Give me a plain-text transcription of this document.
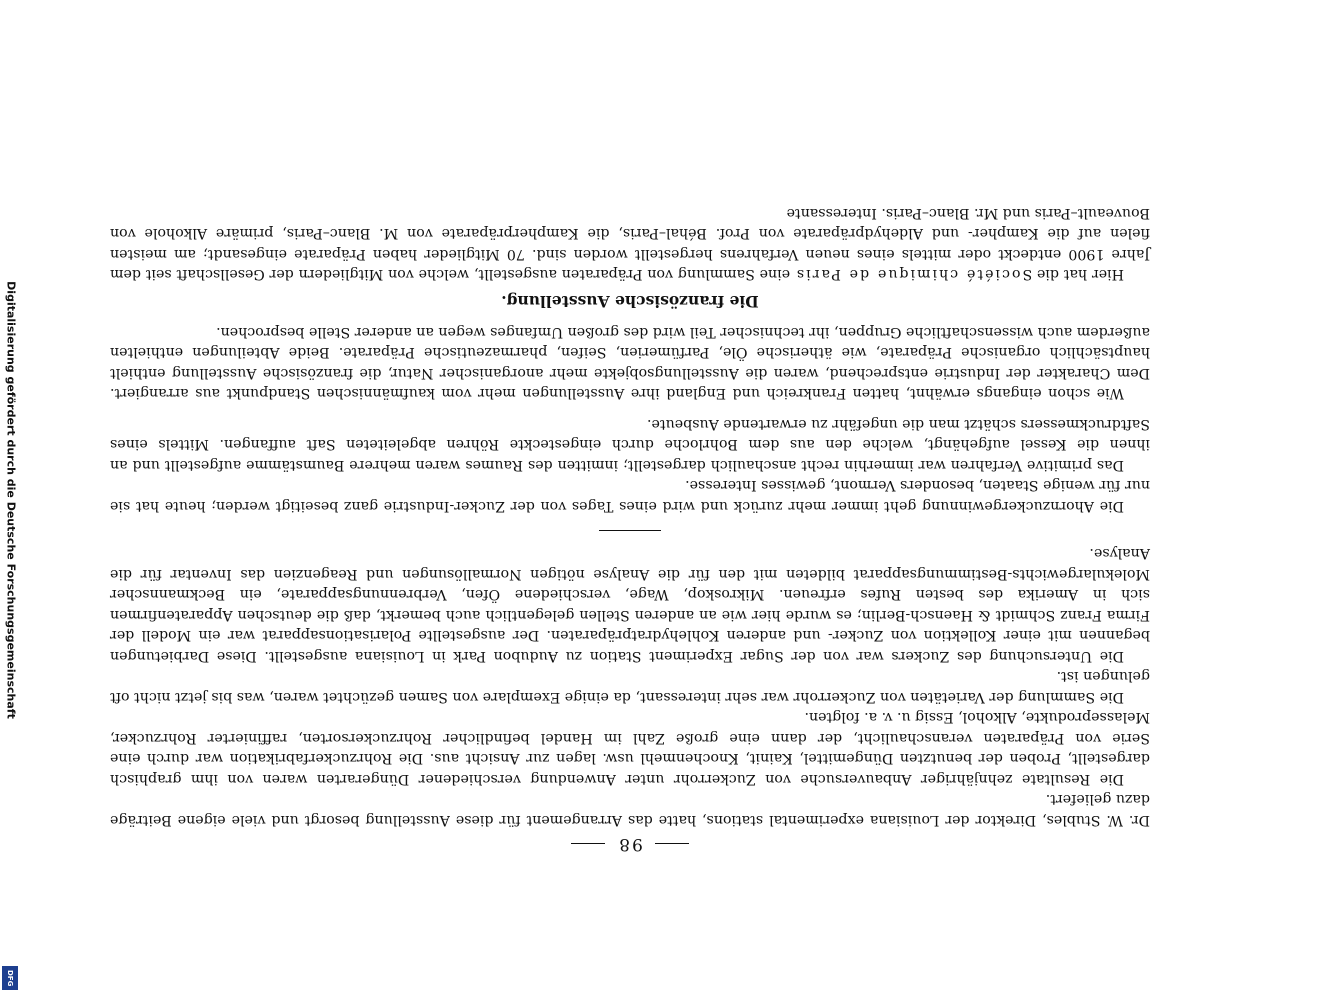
98

Dr. W. Stubles, Direktor der Louisiana experimental stations, hatte das Arrangement für diese Ausstellung besorgt und viele eigene Beiträge dazu geliefert.

Die Resultate zehnjähriger Anbauversuche von Zuckerrohr unter Anwendung verschiedener Düngerarten waren von ihm graphisch dargestellt, Proben der benutzten Düngemittel, Kainit, Knochenmehl usw. lagen zur Ansicht aus. Die Rohrzuckerfabrikation war durch eine Serie von Präparaten veranschaulicht, der dann eine große Zahl im Handel befindlicher Rohrzuckersorten, raffinierter Rohrzucker, Melasseprodukte, Alkohol, Essig u. v. a. folgten.

Die Sammlung der Varietäten von Zuckerrohr war sehr interessant, da einige Exemplare von Samen gezüchtet waren, was bis jetzt nicht oft gelungen ist.

Die Untersuchung des Zuckers war von der Sugar Experiment Station zu Audubon Park in Louisiana ausgestellt. Diese Darbietungen begannen mit einer Kollektion von Zucker- und anderen Kohlehydratpräparaten. Der ausgestellte Polarisationsapparat war ein Modell der Firma Franz Schmidt & Haensch-Berlin; es wurde hier wie an anderen Stellen gelegentlich auch bemerkt, daß die deutschen Apparatenfirmen sich in Amerika des besten Rufes erfreuen. Mikroskop, Wage, verschiedene Öfen, Verbrennungsapparate, ein Beckmannscher Molekulargewichts-Bestimmungsapparat bildeten mit den für die Analyse nötigen Normallösungen und Reagenzien das Inventar für die Analyse.

Die Ahornzuckergewinnung geht immer mehr zurück und wird eines Tages von der Zucker-Industrie ganz beseitigt werden; heute hat sie nur für wenige Staaten, besonders Vermont, gewisses Interesse.

Das primitive Verfahren war immerhin recht anschaulich dargestellt; inmitten des Raumes waren mehrere Baumstämme aufgestellt und an ihnen die Kessel aufgehängt, welche den aus dem Bohrloche durch eingesteckte Röhren abgeleiteten Saft auffangen. Mittels eines Saftdruckmessers schätzt man die ungefähr zu erwartende Ausbeute.

Wie schon eingangs erwähnt, hatten Frankreich und England ihre Ausstellungen mehr vom kaufmännischen Standpunkt aus arrangiert. Dem Charakter der Industrie entsprechend, waren die Ausstellungsobjekte mehr anorganischer Natur, die französische Ausstellung enthielt hauptsächlich organische Präparate, wie ätherische Öle, Parfümerien, Seifen, pharmazeutische Präparate. Beide Abteilungen enthielten außerdem auch wissenschaftliche Gruppen, ihr technischer Teil wird des großen Umfanges wegen an anderer Stelle besprochen.

Die französische Ausstellung.

Hier hat die Société chimique de Paris eine Sammlung von Präparaten ausgestellt, welche von Mitgliedern der Gesellschaft seit dem Jahre 1900 entdeckt oder mittels eines neuen Verfahrens hergestellt worden sind. 70 Mitglieder haben Präparate eingesandt; am meisten fielen auf die Kampher- und Aldehydpräparate von Prof. Béhal–Paris, die Kampherpräparate von M. Blanc–Paris, primäre Alkohole von Bouveault–Paris und Mr. Blanc–Paris. Interessante

Digitalisierung gefördert durch die Deutsche Forschungsgemeinschaft
DFG
